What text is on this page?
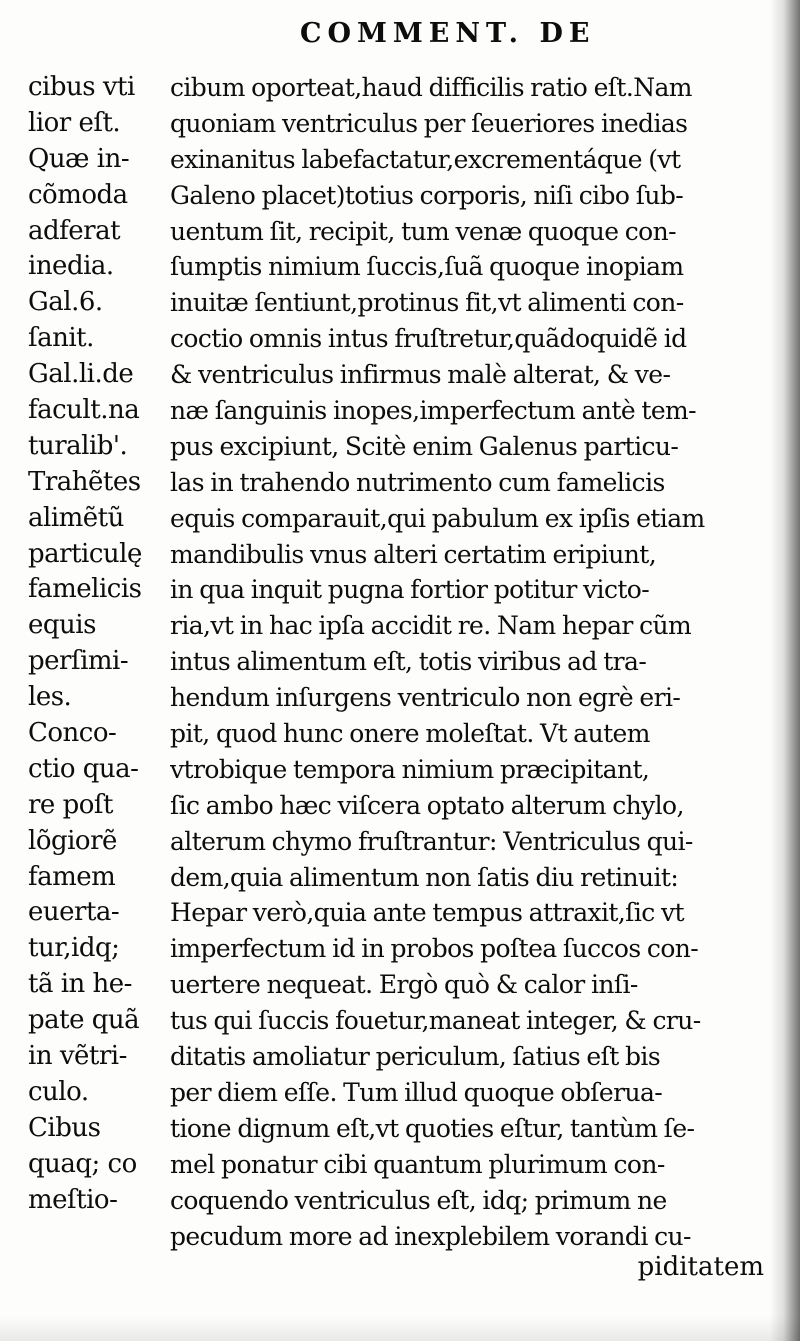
COMMENT. DE
cibus vti
lior eſt.
Quæ in-
cõmoda
adferat
inedia.
Gal.6.
ſanit.
Gal.li.de
facult.na
turalib'.
Trahẽtes
alimẽtũ
particulę
famelicis
equis
perſimi-
les.
Conco-
ctio qua-
re poſt
lõgiorẽ
famem
euerta-
tur,idq;
tã in he-
pate quã
in vẽtri-
culo.
Cibus
quaq; co
meſtio-
cibum oporteat,haud difficilis ratio eſt.Nam
quoniam ventriculus per ſeueriores inedias
exinanitus labefactatur,excrementáque (vt
Galeno placet)totius corporis, niſi cibo ſub-
uentum ſit, recipit, tum venæ quoque con-
ſumptis nimium ſuccis,ſuã quoque inopiam
inuitæ ſentiunt,protinus fit,vt alimenti con-
coctio omnis intus fruſtretur,quãdoquidẽ id
& ventriculus infirmus malè alterat, & ve-
næ ſanguinis inopes,imperfectum antè tem-
pus excipiunt, Scitè enim Galenus particu-
las in trahendo nutrimento cum famelicis
equis comparauit,qui pabulum ex ipſis etiam
mandibulis vnus alteri certatim eripiunt,
in qua inquit pugna fortior potitur victo-
ria,vt in hac ipſa accidit re. Nam hepar cũm
intus alimentum eſt, totis viribus ad tra-
hendum inſurgens ventriculo non egrè eri-
pit, quod hunc onere moleſtat. Vt autem
vtrobique tempora nimium præcipitant,
ſic ambo hæc viſcera optato alterum chylo,
alterum chymo fruſtrantur: Ventriculus qui-
dem,quia alimentum non ſatis diu retinuit:
Hepar verò,quia ante tempus attraxit,ſic vt
imperfectum id in probos poſtea ſuccos con-
uertere nequeat. Ergò quò & calor inſi-
tus qui ſuccis fouetur,maneat integer, & cru-
ditatis amoliatur periculum, ſatius eſt bis
per diem eſſe. Tum illud quoque obſerua-
tione dignum eſt,vt quoties eſtur, tantùm ſe-
mel ponatur cibi quantum plurimum con-
coquendo ventriculus eſt, idq; primum ne
pecudum more ad inexplebilem vorandi cu-
piditatem
